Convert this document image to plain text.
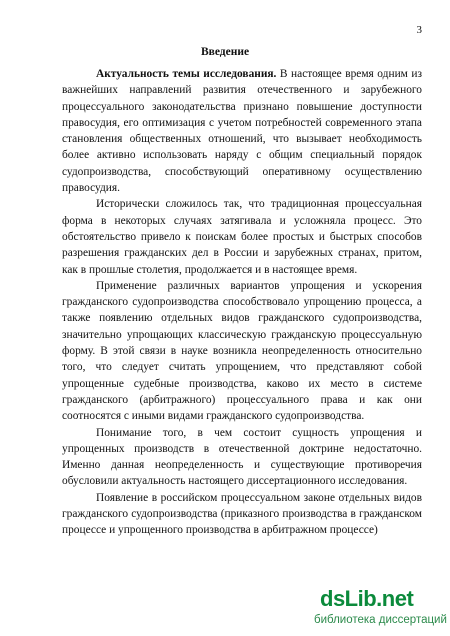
3
Введение

Актуальность темы исследования. В настоящее время одним из важнейших направлений развития отечественного и зарубежного процессуального законодательства признано повышение доступности правосудия, его оптимизация с учетом потребностей современного этапа становления общественных отношений, что вызывает необходимость более активно использовать наряду с общим специальный порядок судопроизводства, способствующий оперативному осуществлению правосудия.

Исторически сложилось так, что традиционная процессуальная форма в некоторых случаях затягивала и усложняла процесс. Это обстоятельство привело к поискам более простых и быстрых способов разрешения гражданских дел в России и зарубежных странах, притом, как в прошлые столетия, продолжается и в настоящее время.

Применение различных вариантов упрощения и ускорения гражданского судопроизводства способствовало упрощению процесса, а также появлению отдельных видов гражданского судопроизводства, значительно упрощающих классическую гражданскую процессуальную форму. В этой связи в науке возникла неопределенность относительно того, что следует считать упрощением, что представляют собой упрощенные судебные производства, каково их место в системе гражданского (арбитражного) процессуального права и как они соотносятся с иными видами гражданского судопроизводства.

Понимание того, в чем состоит сущность упрощения и упрощенных производств в отечественной доктрине недостаточно. Именно данная неопределенность и существующие противоречия обусловили актуальность настоящего диссертационного исследования.

Появление в российском процессуальном законе отдельных видов гражданского судопроизводства (приказного производства в гражданском процессе и упрощенного производства в арбитражном процессе)

dsLib.net
библиотека диссертаций
